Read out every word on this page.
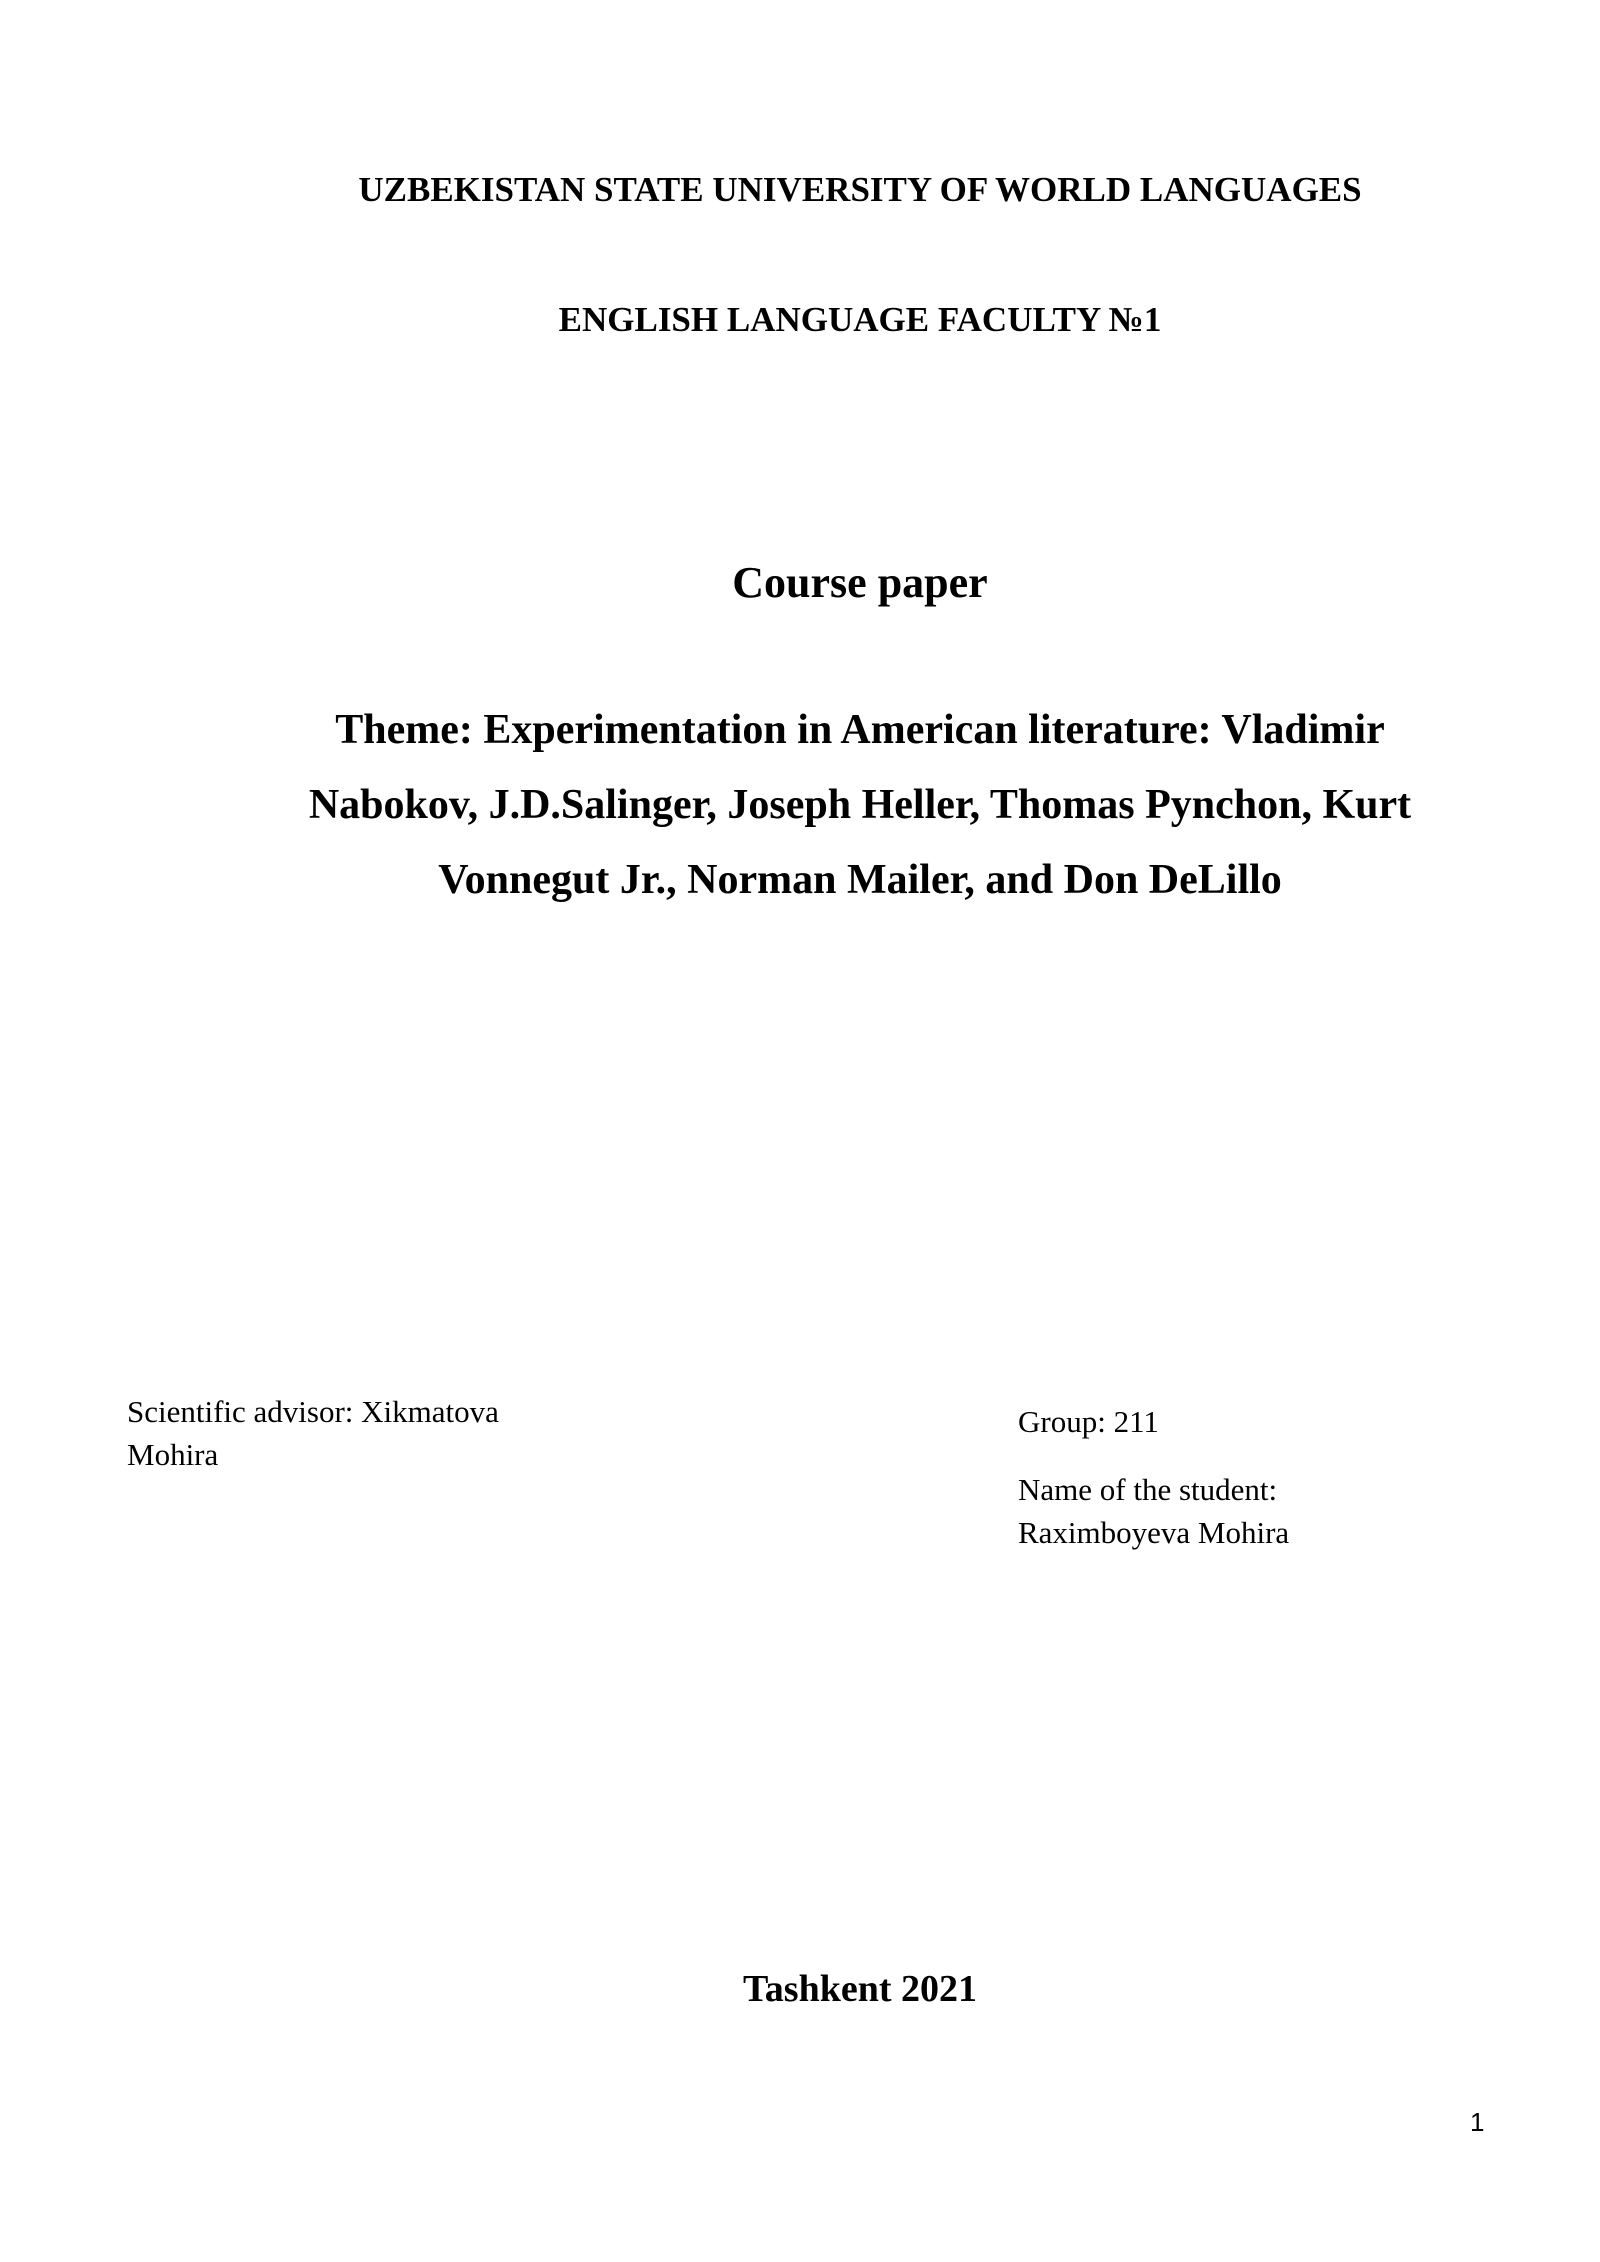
UZBEKISTAN STATE UNIVERSITY OF WORLD LANGUAGES
ENGLISH LANGUAGE FACULTY №1
Course paper
Theme: Experimentation in American literature: Vladimir Nabokov, J.D.Salinger, Joseph Heller, Thomas Pynchon, Kurt Vonnegut Jr., Norman Mailer, and Don DeLillo
Scientific advisor: Xikmatova Mohira

Group: 211

Name of the student: Raximboyeva Mohira

Tashkent 2021
1
